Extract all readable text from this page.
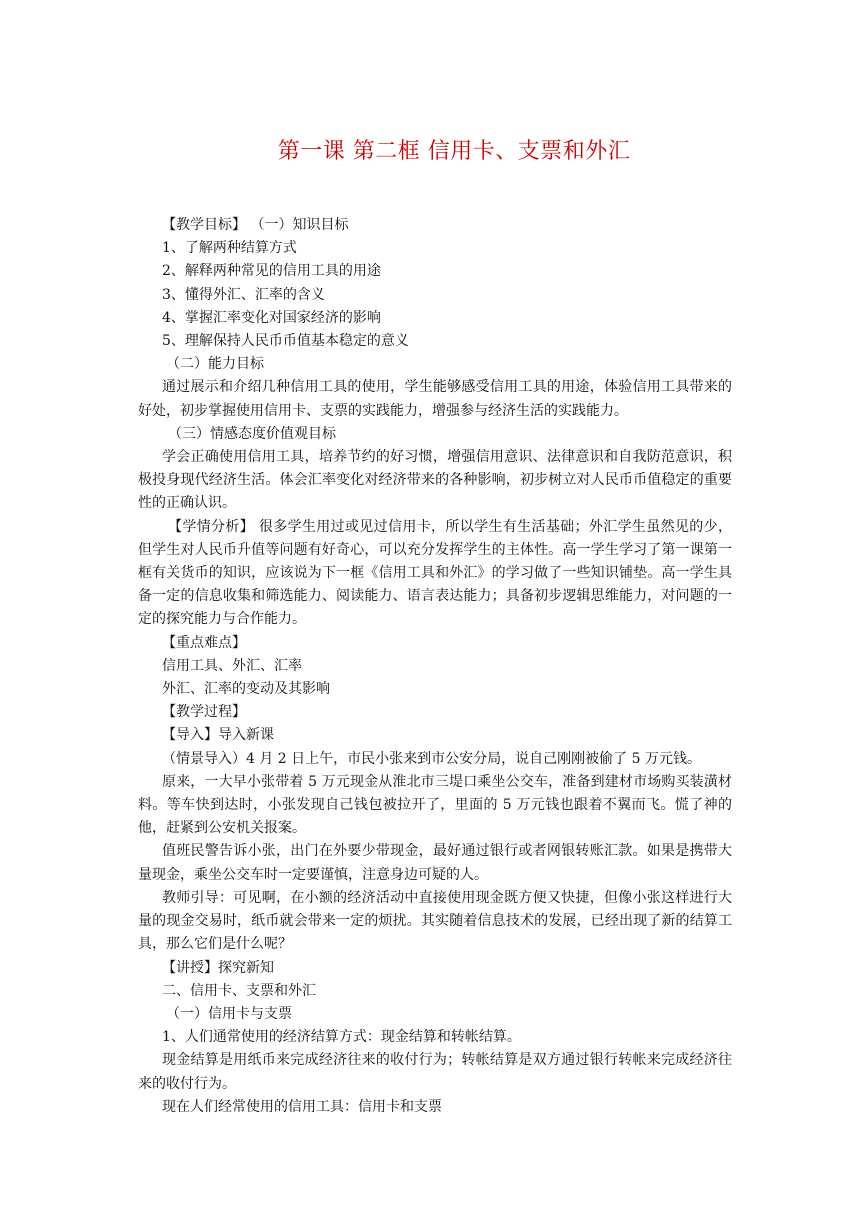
第一课 第二框 信用卡、支票和外汇

【教学目标】 （一）知识目标

1、了解两种结算方式

2、解释两种常见的信用工具的用途

3、懂得外汇、汇率的含义

4、掌握汇率变化对国家经济的影响

5、理解保持人民币币值基本稳定的意义

（二）能力目标

通过展示和介绍几种信用工具的使用，学生能够感受信用工具的用途，体验信用工具带来的好处，初步掌握使用信用卡、支票的实践能力，增强参与经济生活的实践能力。

（三）情感态度价值观目标

学会正确使用信用工具，培养节约的好习惯，增强信用意识、法律意识和自我防范意识，积极投身现代经济生活。体会汇率变化对经济带来的各种影响，初步树立对人民币币值稳定的重要性的正确认识。

【学情分析】 很多学生用过或见过信用卡，所以学生有生活基础；外汇学生虽然见的少，但学生对人民币升值等问题有好奇心，可以充分发挥学生的主体性。高一学生学习了第一课第一框有关货币的知识，应该说为下一框《信用工具和外汇》的学习做了一些知识铺垫。高一学生具备一定的信息收集和筛选能力、阅读能力、语言表达能力；具备初步逻辑思维能力，对问题的一定的探究能力与合作能力。

【重点难点】

信用工具、外汇、汇率

外汇、汇率的变动及其影响

【教学过程】

【导入】导入新课

（情景导入）4 月 2 日上午，市民小张来到市公安分局，说自己刚刚被偷了 5 万元钱。

原来，一大早小张带着 5 万元现金从淮北市三堤口乘坐公交车，准备到建材市场购买装潢材料。等车快到达时，小张发现自己钱包被拉开了，里面的 5 万元钱也跟着不翼而飞。慌了神的他，赶紧到公安机关报案。

值班民警告诉小张，出门在外要少带现金，最好通过银行或者网银转账汇款。如果是携带大量现金，乘坐公交车时一定要谨慎，注意身边可疑的人。

教师引导：可见啊，在小额的经济活动中直接使用现金既方便又快捷，但像小张这样进行大量的现金交易时，纸币就会带来一定的烦扰。其实随着信息技术的发展，已经出现了新的结算工具，那么它们是什么呢？

【讲授】探究新知

二、信用卡、支票和外汇

（一）信用卡与支票

1、人们通常使用的经济结算方式：现金结算和转帐结算。

现金结算是用纸币来完成经济往来的收付行为；转帐结算是双方通过银行转帐来完成经济往来的收付行为。

现在人们经常使用的信用工具：信用卡和支票
